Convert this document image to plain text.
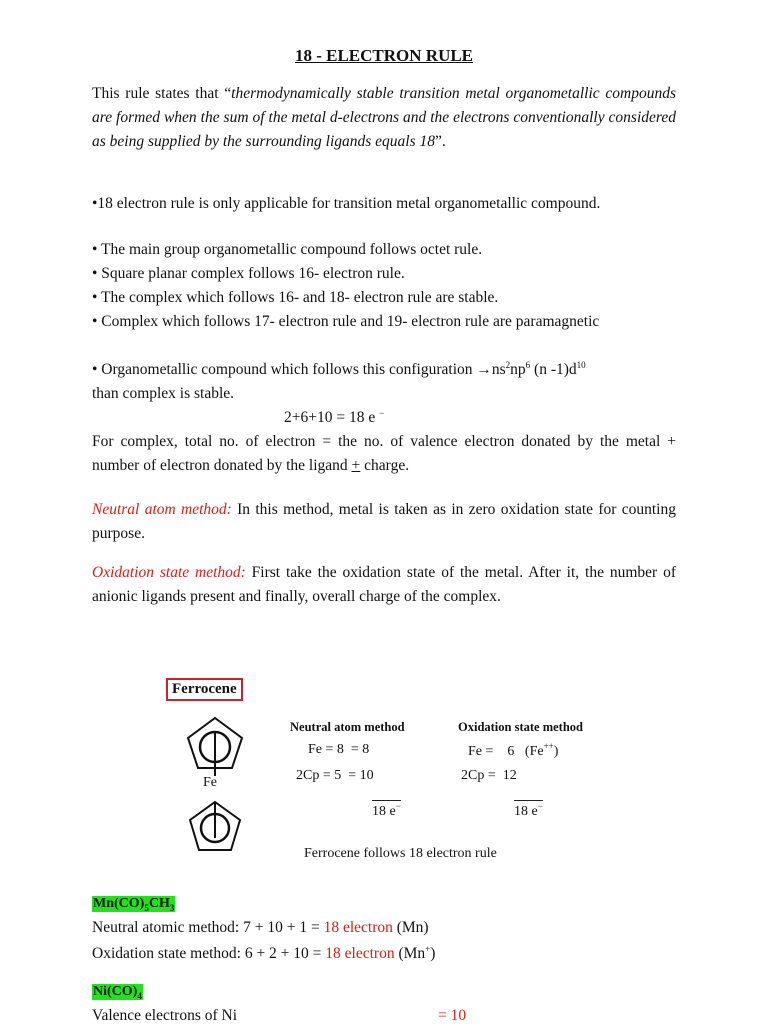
18 - ELECTRON RULE
This rule states that “thermodynamically stable transition metal organometallic compounds are formed when the sum of the metal d-electrons and the electrons conventionally considered as being supplied by the surrounding ligands equals 18”.
•18 electron rule is only applicable for transition metal organometallic compound.
• The main group organometallic compound follows octet rule.
• Square planar complex follows 16- electron rule.
• The complex which follows 16- and 18- electron rule are stable.
• Complex which follows 17- electron rule and 19- electron rule are paramagnetic
• Organometallic compound which follows this configuration $\to ns^2np^6$ (n $-1)d^{10}$
than complex is stable.
2+6+10 = 18 e −
For complex, total no. of electron = the no. of valence electron donated by the metal + number of electron donated by the ligand + charge.
Neutral atom method: In this method, metal is taken as in zero oxidation state for counting purpose.
Oxidation state method: First take the oxidation state of the metal. After it, the number of anionic ligands present and finally, overall charge of the complex.
Ferrocene
Fe
Neutral atom method	Oxidation state method
Fe = 8  = 8
2Cp = 5  = 10
18 e−
Fe =    6 (Fe++)
2Cp =  12
18 e−
Ferrocene follows 18 electron rule
$Mn(CO)_5CH_3$
Neutral atomic method: 7 + 10 + 1 = 18 electron (Mn)
Oxidation state method: 6 + 2 + 10 = 18 electron (Mn+)
$Ni(CO)_4$
Valence electrons of Ni	= 10
